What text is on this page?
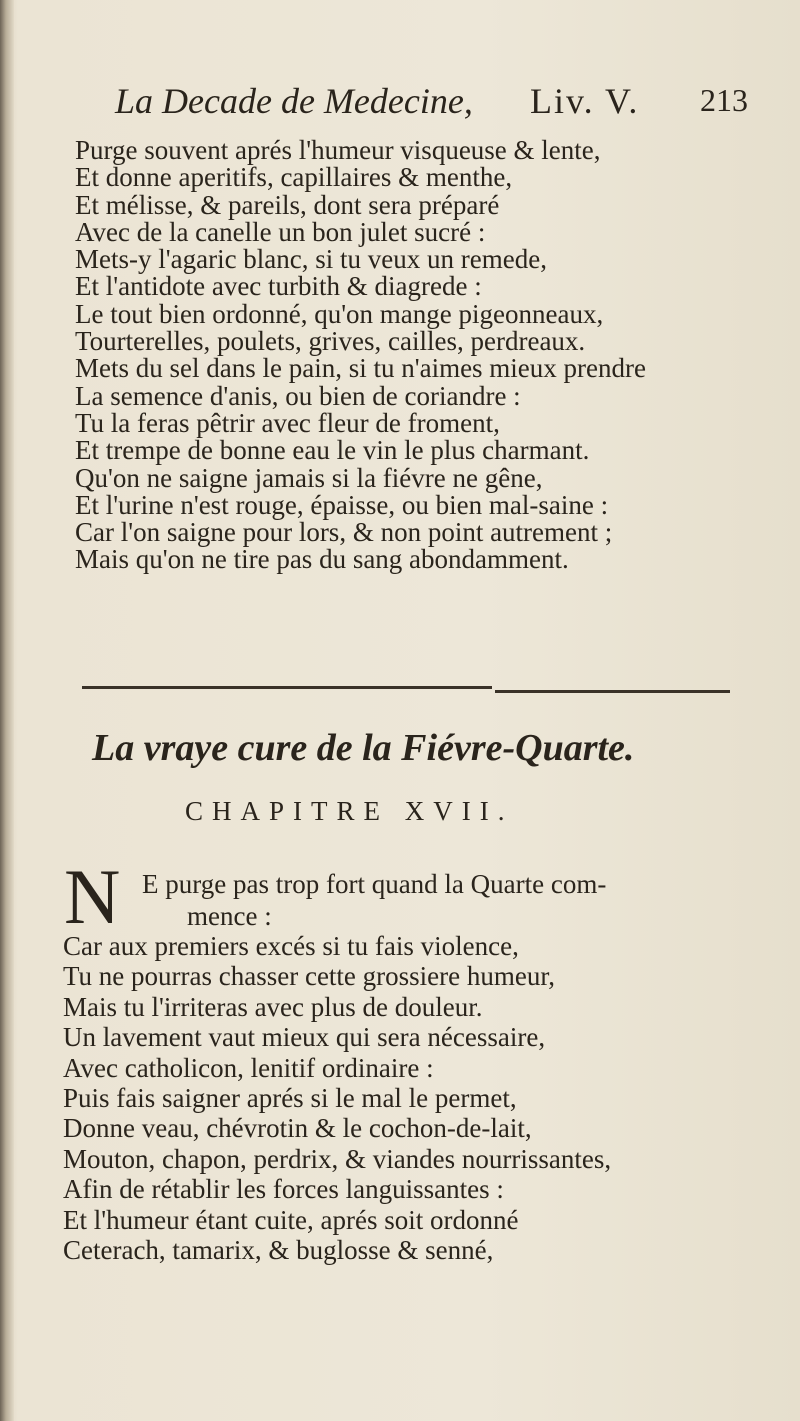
La Decade de Medecine, Liv. V. 213
Purge souvent aprés l'humeur visqueuse & lente,
Et donne aperitifs, capillaires & menthe,
Et mélisse, & pareils, dont sera préparé
Avec de la canelle un bon julet sucré :
Mets-y l'agaric blanc, si tu veux un remede,
Et l'antidote avec turbith & diagrede :
Le tout bien ordonné, qu'on mange pigeonneaux,
Tourterelles, poulets, grives, cailles, perdreaux.
Mets du sel dans le pain, si tu n'aimes mieux prendre
La semence d'anis, ou bien de coriandre :
Tu la feras pêtrir avec fleur de froment,
Et trempe de bonne eau le vin le plus charmant.
Qu'on ne saigne jamais si la fiévre ne gêne,
Et l'urine n'est rouge, épaisse, ou bien mal-saine :
Car l'on saigne pour lors, & non point autrement ;
Mais qu'on ne tire pas du sang abondamment.
La vraye cure de la Fiévre-Quarte.
CHAPITRE XVII.
N E purge pas trop fort quand la Quarte com-
mence :
Car aux premiers excés si tu fais violence,
Tu ne pourras chasser cette grossiere humeur,
Mais tu l'irriteras avec plus de douleur.
Un lavement vaut mieux qui sera nécessaire,
Avec catholicon, lenitif ordinaire :
Puis fais saigner aprés si le mal le permet,
Donne veau, chévrotin & le cochon-de-lait,
Mouton, chapon, perdrix, & viandes nourrissantes,
Afin de rétablir les forces languissantes :
Et l'humeur étant cuite, aprés soit ordonné
Ceterach, tamarix, & buglosse & senné,
